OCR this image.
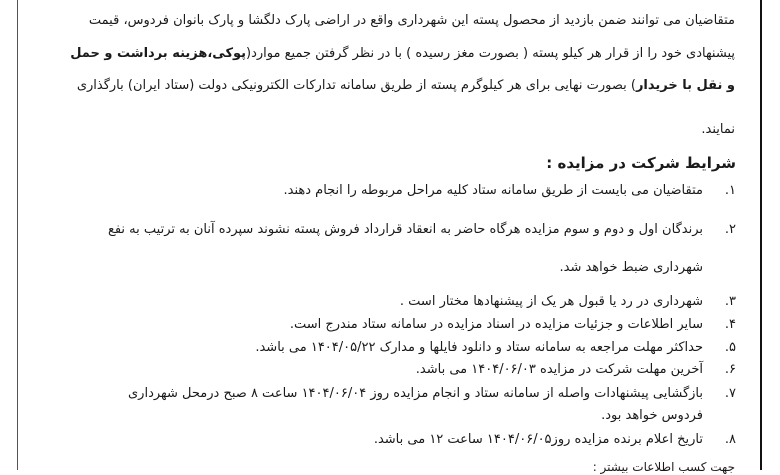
متقاضیان می توانند ضمن بازدید از محصول پسته این شهرداری واقع در اراضی پارک دلگشا و پارک بانوان فردوس، قیمت
پیشنهادی خود را از قرار هر کیلو پسته ( بصورت مغز رسیده ) با در نظر گرفتن جمیع موارد(پوکی،هزینه برداشت و حمل
و نقل با خریدار) بصورت نهایی برای هر کیلوگرم پسته از طریق سامانه تدارکات الکترونیکی دولت (ستاد ایران) بارگذاری
نمایند.
شرایط شرکت در مزایده :
۱.
متقاضیان می بایست از طریق سامانه ستاد کلیه مراحل مربوطه را انجام دهند.
۲.
برندگان اول و دوم و سوم مزایده هرگاه حاضر به انعقاد قرارداد فروش پسته نشوند سپرده آنان به ترتیب به نفع
شهرداری ضبط خواهد شد.
۳.
شهرداری در رد یا قبول هر یک از پیشنهادها مختار است .
۴.
سایر اطلاعات و جزئیات مزایده در اسناد مزایده در سامانه ستاد مندرج است.
۵.
حداکثر مهلت مراجعه به سامانه ستاد و دانلود فایلها و مدارک ۱۴۰۴/۰۵/۲۲ می باشد.
۶.
آخرین مهلت شرکت در مزایده ۱۴۰۴/۰۶/۰۳ می باشد.
۷.
بازگشایی پیشنهادات واصله از سامانه ستاد و انجام مزایده روز ۱۴۰۴/۰۶/۰۴ ساعت ۸ صبح درمحل شهرداری
فردوس خواهد بود.
۸.
تاریخ اعلام برنده مزایده روز۱۴۰۴/۰۶/۰۵ ساعت ۱۲ می باشد.
جهت کسب اطلاعات بیشتر :
